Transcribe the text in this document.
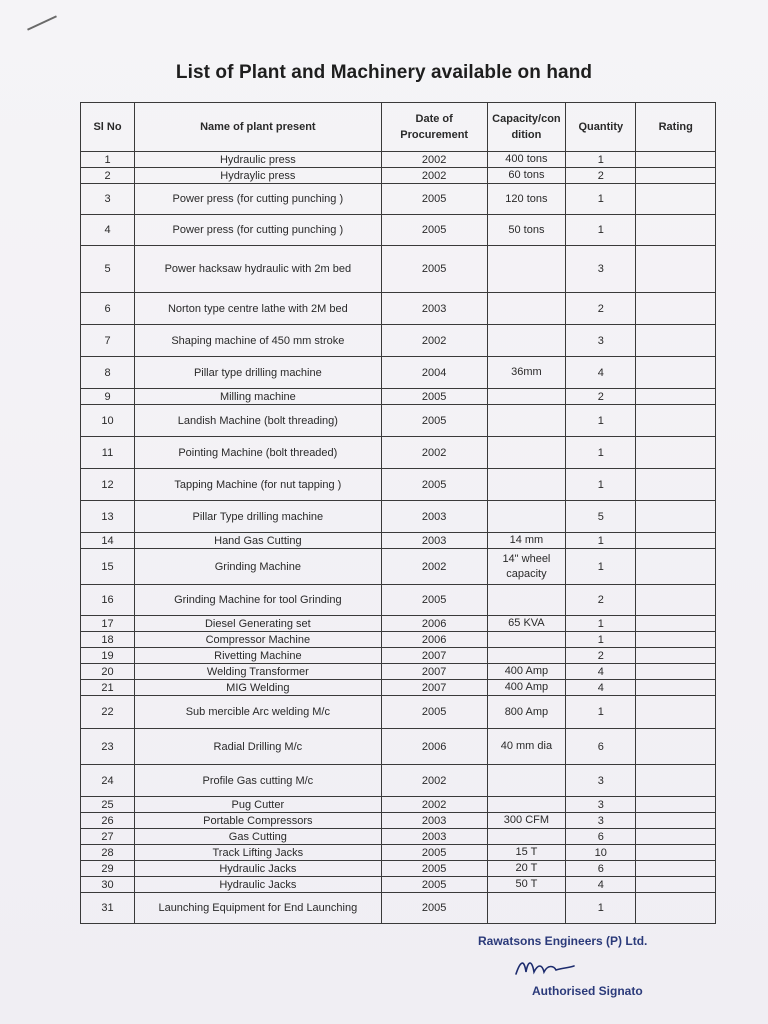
List of Plant and Machinery available on hand
Sl No	Name of plant present	Date of Procurement	Capacity/con dition	Quantity	Rating
1	Hydraulic press	2002	400 tons	1	
2	Hydraylic press	2002	60 tons	2	
3	Power press (for cutting punching )	2005	120 tons	1	
4	Power press (for cutting punching )	2005	50 tons	1	
5	Power hacksaw hydraulic with 2m bed	2005		3	
6	Norton type centre lathe with 2M bed	2003		2	
7	Shaping machine of 450 mm stroke	2002		3	
8	Pillar type drilling machine	2004	36mm	4	
9	Milling machine	2005		2	
10	Landish Machine (bolt threading)	2005		1	
11	Pointing Machine (bolt threaded)	2002		1	
12	Tapping Machine (for nut tapping )	2005		1	
13	Pillar Type drilling machine	2003		5	
14	Hand Gas Cutting	2003	14 mm	1	
15	Grinding Machine	2002	14" wheel capacity	1	
16	Grinding Machine for tool Grinding	2005		2	
17	Diesel Generating set	2006	65 KVA	1	
18	Compressor Machine	2006		1	
19	Rivetting Machine	2007		2	
20	Welding Transformer	2007	400 Amp	4	
21	MIG Welding	2007	400 Amp	4	
22	Sub mercible Arc welding M/c	2005	800 Amp	1	
23	Radial Drilling M/c	2006	40 mm dia	6	
24	Profile Gas cutting M/c	2002		3	
25	Pug Cutter	2002		3	
26	Portable Compressors	2003	300 CFM	3	
27	Gas Cutting	2003		6	
28	Track Lifting Jacks	2005	15 T	10	
29	Hydraulic Jacks	2005	20 T	6	
30	Hydraulic Jacks	2005	50 T	4	
31	Launching Equipment for End Launching	2005		1	
Rawatsons Engineers (P) Ltd.
Authorised Signato
